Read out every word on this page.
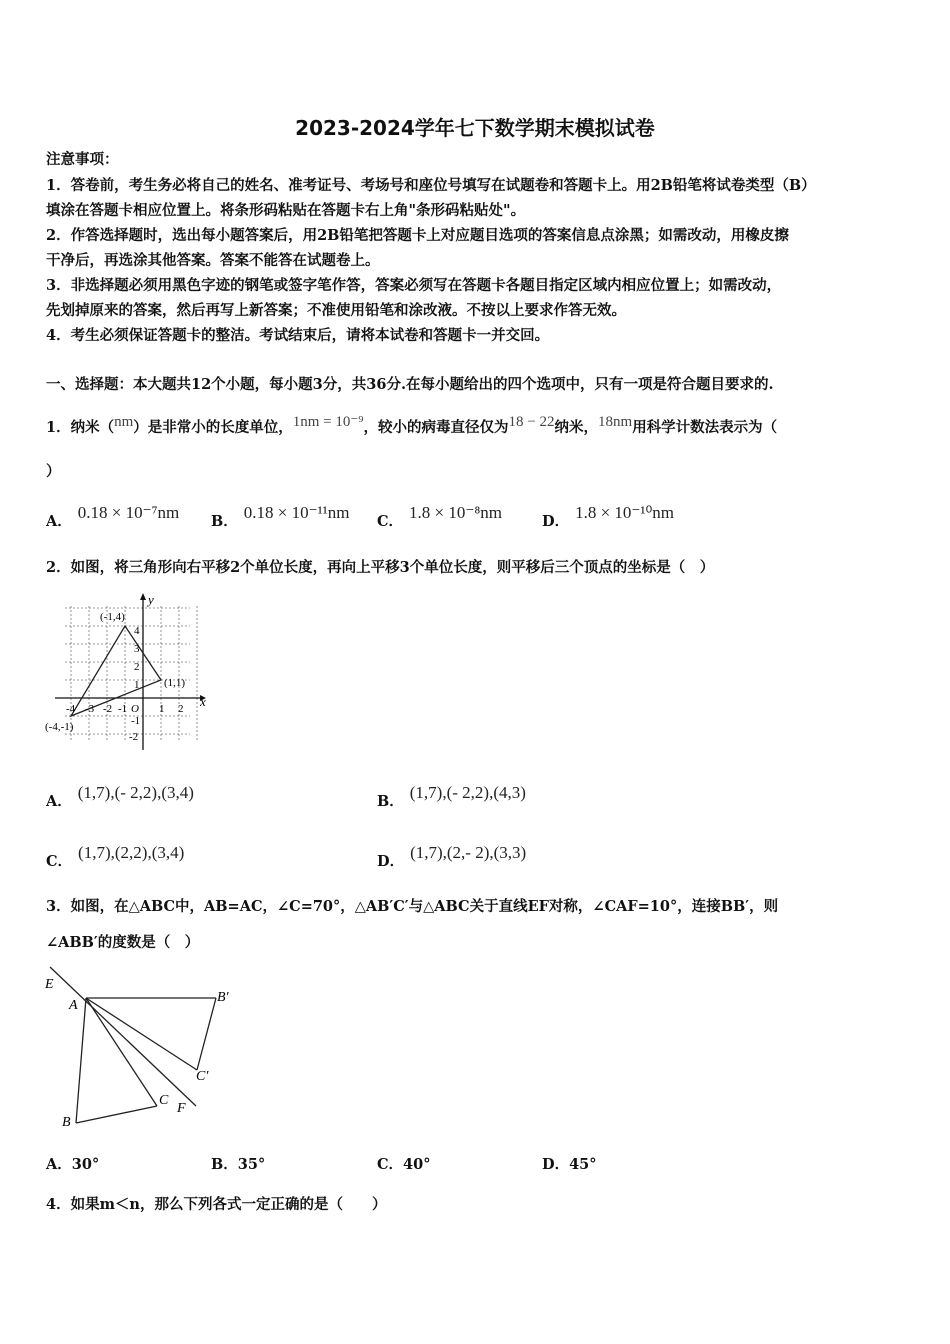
2023-2024学年七下数学期末模拟试卷
注意事项：
1．答卷前，考生务必将自己的姓名、准考证号、考场号和座位号填写在试题卷和答题卡上。用2B铅笔将试卷类型（B）
填涂在答题卡相应位置上。将条形码粘贴在答题卡右上角"条形码粘贴处"。
2．作答选择题时，选出每小题答案后，用2B铅笔把答题卡上对应题目选项的答案信息点涂黑；如需改动，用橡皮擦
干净后，再选涂其他答案。答案不能答在试题卷上。
3．非选择题必须用黑色字迹的钢笔或签字笔作答，答案必须写在答题卡各题目指定区域内相应位置上；如需改动，
先划掉原来的答案，然后再写上新答案；不准使用铅笔和涂改液。不按以上要求作答无效。
4．考生必须保证答题卡的整洁。考试结束后，请将本试卷和答题卡一并交回。
一、选择题：本大题共12个小题，每小题3分，共36分.在每小题给出的四个选项中，只有一项是符合题目要求的.
1．纳米（$^{nm}$）是非常小的长度单位，$^{1nm = 10^{-9}}$，较小的病毒直径仅为$^{18 - 22}$纳米，$^{18nm}$用科学计数法表示为（
）
A． 0.18 × 10⁻⁷nm B． 0.18 × 10⁻¹¹nm C． 1.8 × 10⁻⁸nm	D． 1.8 × 10⁻¹⁰nm
2．如图，将三角形向右平移2个单位长度，再向上平移3个单位长度，则平移后三个顶点的坐标是（　）
x
y
(-1,4)
(1,1)
(-4,-1)
-4 -3 -2 -1 O 1 2
4
3
2
1
-1
-2
A． (1,7),(- 2,2),(3,4)	B． (1,7),(- 2,2),(4,3)
C． (1,7),(2,2),(3,4)	D． (1,7),(2,- 2),(3,3)
3．如图，在△ABC中，AB=AC，∠C=70°，△AB′C′与△ABC关于直线EF对称，∠CAF=10°，连接BB′，则
∠ABB′的度数是（　）
E
A
B′
C′
C
F
B
A．30°	B．35°	C．40°	D．45°
4．如果m＜n，那么下列各式一定正确的是（　　）
